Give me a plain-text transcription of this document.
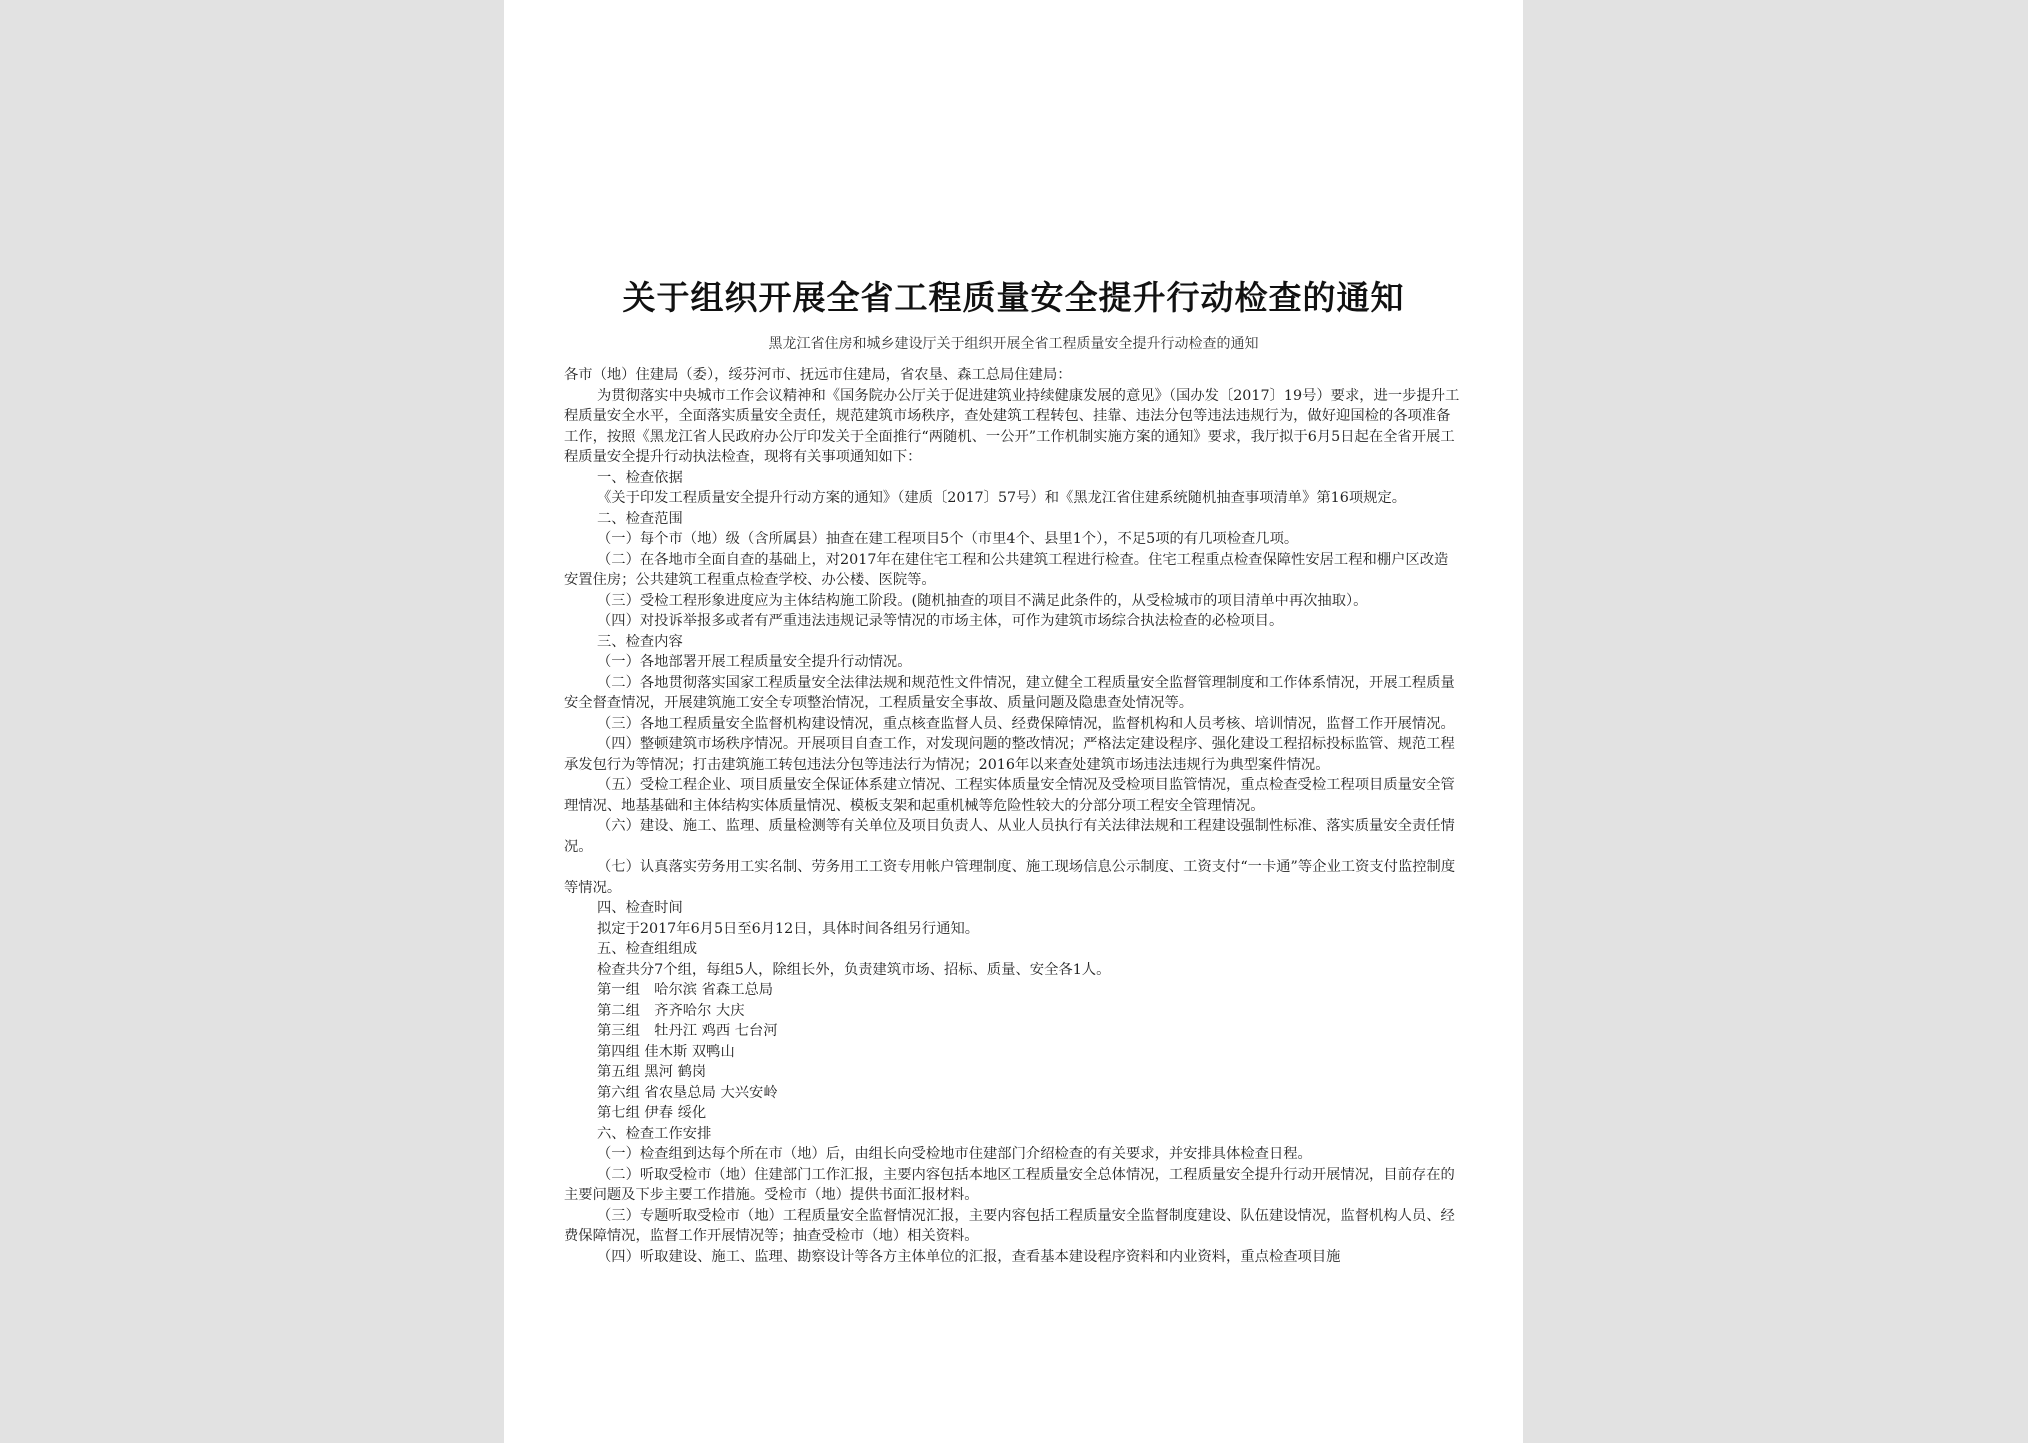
关于组织开展全省工程质量安全提升行动检查的通知
黑龙江省住房和城乡建设厅关于组织开展全省工程质量安全提升行动检查的通知

各市（地）住建局（委），绥芬河市、抚远市住建局，省农垦、森工总局住建局：

为贯彻落实中央城市工作会议精神和《国务院办公厅关于促进建筑业持续健康发展的意见》（国办发〔2017〕19号）要求，进一步提升工程质量安全水平，全面落实质量安全责任，规范建筑市场秩序，查处建筑工程转包、挂靠、违法分包等违法违规行为，做好迎国检的各项准备工作，按照《黑龙江省人民政府办公厅印发关于全面推行“两随机、一公开”工作机制实施方案的通知》要求，我厅拟于6月5日起在全省开展工程质量安全提升行动执法检查，现将有关事项通知如下：

一、检查依据

《关于印发工程质量安全提升行动方案的通知》（建质〔2017〕57号）和《黑龙江省住建系统随机抽查事项清单》第16项规定。

二、检查范围

（一）每个市（地）级（含所属县）抽查在建工程项目5个（市里4个、县里1个），不足5项的有几项检查几项。

（二）在各地市全面自查的基础上，对2017年在建住宅工程和公共建筑工程进行检查。住宅工程重点检查保障性安居工程和棚户区改造安置住房；公共建筑工程重点检查学校、办公楼、医院等。

（三）受检工程形象进度应为主体结构施工阶段。(随机抽查的项目不满足此条件的，从受检城市的项目清单中再次抽取）。

（四）对投诉举报多或者有严重违法违规记录等情况的市场主体，可作为建筑市场综合执法检查的必检项目。

三、检查内容

（一）各地部署开展工程质量安全提升行动情况。

（二）各地贯彻落实国家工程质量安全法律法规和规范性文件情况，建立健全工程质量安全监督管理制度和工作体系情况，开展工程质量安全督查情况，开展建筑施工安全专项整治情况，工程质量安全事故、质量问题及隐患查处情况等。

（三）各地工程质量安全监督机构建设情况，重点核查监督人员、经费保障情况，监督机构和人员考核、培训情况，监督工作开展情况。

（四）整顿建筑市场秩序情况。开展项目自查工作，对发现问题的整改情况；严格法定建设程序、强化建设工程招标投标监管、规范工程承发包行为等情况；打击建筑施工转包违法分包等违法行为情况；2016年以来查处建筑市场违法违规行为典型案件情况。

（五）受检工程企业、项目质量安全保证体系建立情况、工程实体质量安全情况及受检项目监管情况，重点检查受检工程项目质量安全管理情况、地基基础和主体结构实体质量情况、模板支架和起重机械等危险性较大的分部分项工程安全管理情况。

（六）建设、施工、监理、质量检测等有关单位及项目负责人、从业人员执行有关法律法规和工程建设强制性标准、落实质量安全责任情况。

（七）认真落实劳务用工实名制、劳务用工工资专用帐户管理制度、施工现场信息公示制度、工资支付“一卡通”等企业工资支付监控制度等情况。

四、检查时间

拟定于2017年6月5日至6月12日，具体时间各组另行通知。

五、检查组组成

检查共分7个组，每组5人，除组长外，负责建筑市场、招标、质量、安全各1人。

第一组　哈尔滨 省森工总局

第二组　齐齐哈尔 大庆

第三组　牡丹江 鸡西 七台河

第四组 佳木斯 双鸭山

第五组 黑河 鹤岗

第六组 省农垦总局 大兴安岭

第七组 伊春 绥化

六、检查工作安排

（一）检查组到达每个所在市（地）后，由组长向受检地市住建部门介绍检查的有关要求，并安排具体检查日程。

（二）听取受检市（地）住建部门工作汇报，主要内容包括本地区工程质量安全总体情况，工程质量安全提升行动开展情况，目前存在的主要问题及下步主要工作措施。受检市（地）提供书面汇报材料。

（三）专题听取受检市（地）工程质量安全监督情况汇报，主要内容包括工程质量安全监督制度建设、队伍建设情况，监督机构人员、经费保障情况，监督工作开展情况等；抽查受检市（地）相关资料。

（四）听取建设、施工、监理、勘察设计等各方主体单位的汇报，查看基本建设程序资料和内业资料，重点检查项目施
